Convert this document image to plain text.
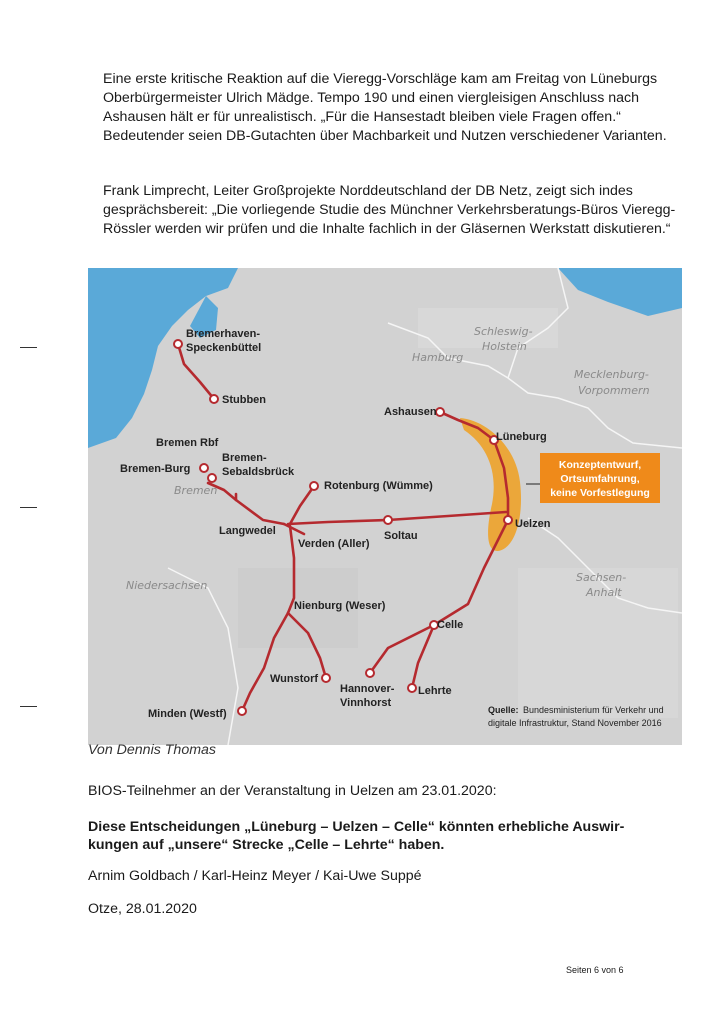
Eine erste kritische Reaktion auf die Vieregg-Vorschläge kam am Freitag von Lüneburgs Oberbürgermeister Ulrich Mädge. Tempo 190 und einen viergleisigen Anschluss nach Ashausen hält er für unrealistisch. „Für die Hansestadt bleiben viele Fragen offen.“ Bedeutender seien DB-Gutachten über Machbarkeit und Nutzen verschiedener Varianten.

Frank Limprecht, Leiter Großprojekte Norddeutschland der DB Netz, zeigt sich indes gesprächsbereit: „Die vorliegende Studie des Münchner Verkehrsberatungs-Büros Vieregg-Rössler werden wir prüfen und die Inhalte fachlich in der Gläsernen Werkstatt diskutieren.“

Schleswig-
Holstein
Hamburg
Mecklenburg-
Vorpommern
Bremen
Niedersachsen
Sachsen-
Anhalt
Bremerhaven-
Speckenbüttel
Stubben
Bremen Rbf
Bremen-Burg
Bremen-
Sebaldsbrück
Rotenburg (Wümme)
Langwedel
Verden (Aller)
Soltau
Ashausen
Lüneburg
Uelzen
Nienburg (Weser)
Celle
Wunstorf
Hannover-
Vinnhorst
Lehrte
Minden (Westf)
Konzeptentwurf,
Ortsumfahrung,
keine Vorfestlegung
Quelle: Bundesministerium für Verkehr und
digitale Infrastruktur, Stand November 2016

Von Dennis Thomas

BIOS-Teilnehmer an der Veranstaltung in Uelzen am 23.01.2020:

Diese Entscheidungen „Lüneburg – Uelzen – Celle“ könnten erhebliche Auswir-
kungen auf „unsere“ Strecke „Celle – Lehrte“ haben.

Arnim Goldbach / Karl-Heinz Meyer / Kai-Uwe Suppé

Otze, 28.01.2020

Seiten 6 von 6
